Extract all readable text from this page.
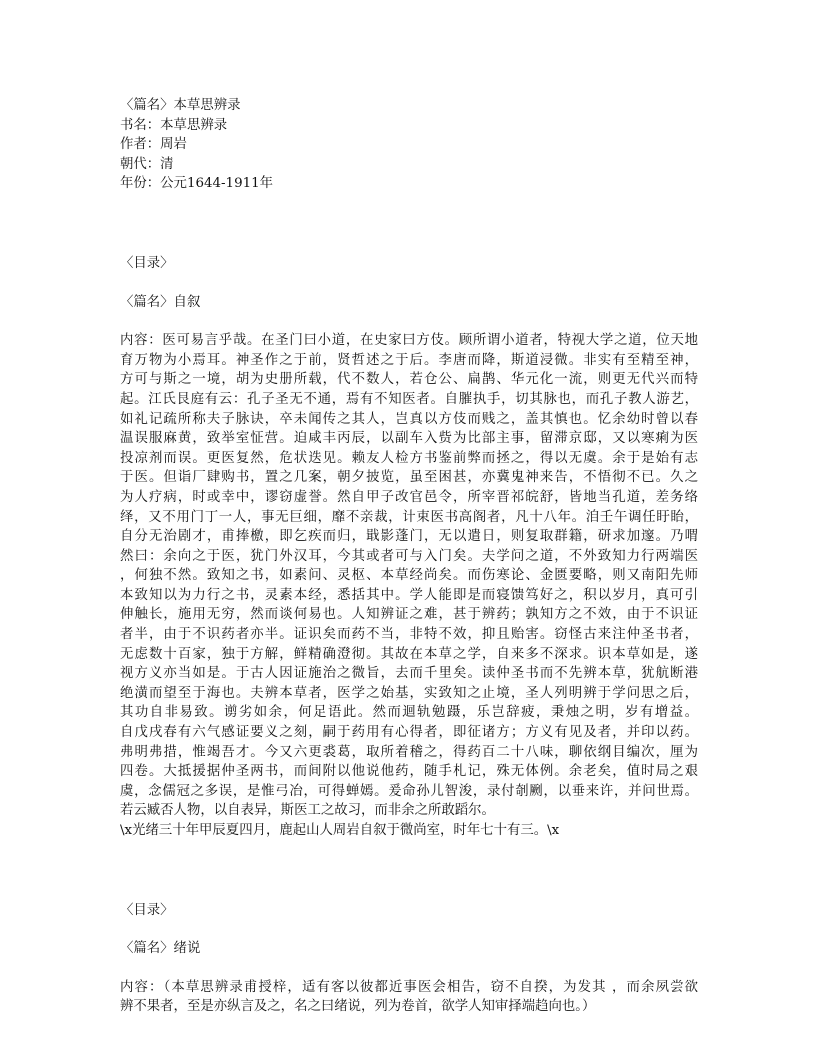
〈篇名〉本草思辨录
书名：本草思辨录
作者：周岩
朝代：清
年份：公元1644-1911年
〈目录〉
〈篇名〉自叙
内容：医可易言乎哉。在圣门曰小道，在史家曰方伎。顾所谓小道者，特视大学之道，位天地
育万物为小焉耳。神圣作之于前，贤哲述之于后。李唐而降，斯道浸微。非实有至精至神，
方可与斯之一境，胡为史册所载，代不数人，若仓公、扁鹊、华元化一流，则更无代兴而特
起。江氏艮庭有云：孔子圣无不通，焉有不知医者。自膗执手，切其脉也，而孔子教人游艺，
如礼记疏所称夫子脉诀，卒未闻传之其人，岂真以方伎而贱之，盖其慎也。忆余幼时曾以春
温误服麻黄，致举室怔营。迫咸丰丙辰，以副车入赀为比部主事，留滞京邸，又以寒痢为医
投凉剂而误。更医复然，危状迭见。赖友人检方书鉴前弊而拯之，得以无虞。余于是始有志
于医。但诣厂肆购书，置之几案，朝夕披览，虽至困甚，亦冀鬼神来告，不悟彻不已。久之
为人疗病，时或幸中，谬窃虚誉。然自甲子改官邑令，所宰晋祁皖舒，皆地当孔道，差务络
绎，又不用门丁一人，事无巨细，靡不亲裁，计束医书高阁者，凡十八年。洎壬午调任盱眙，
自分无治剧才，甫捧檄，即乞疾而归，戢影蓬门，无以遣日，则复取群籍，研求加邃。乃喟
然曰：余向之于医，犹门外汉耳，今其或者可与入门矣。夫学问之道，不外致知力行两端医
，何独不然。致知之书，如素问、灵枢、本草经尚矣。而伤寒论、金匮要略，则又南阳先师
本致知以为力行之书，灵素本经，悉括其中。学人能即是而寝馈笃好之，积以岁月，真可引
伸触长，施用无穷，然而谈何易也。人知辨证之难，甚于辨药；孰知方之不效，由于不识证
者半，由于不识药者亦半。证识矣而药不当，非特不效，抑且贻害。窃怪古来注仲圣书者，
无虑数十百家，独于方解，鲜精确澄彻。其故在本草之学，自来多不深求。识本草如是，遂
视方义亦当如是。于古人因证施治之微旨，去而千里矣。读仲圣书而不先辨本草，犹航断港
绝潢而望至于海也。夫辨本草者，医学之始基，实致知之止境，圣人列明辨于学问思之后，
其功自非易致。谫劣如余，何足语此。然而迴轨勉蹑，乐岂辞疲，秉烛之明，岁有增益。
自戊戌春有六气感证要义之刻，嗣于药用有心得者，即征诸方；方义有见及者，并印以药。
弗明弗措，惟竭吾才。今又六更裘葛，取所着稽之，得药百二十八味，聊依纲目编次，厘为
四卷。大抵援据仲圣两书，而间附以他说他药，随手札记，殊无体例。余老矣，值时局之艰
虞，念儒冠之多误，是惟弓冶，可得蝉嫣。爰命孙儿智浚，录付剞劂，以垂来许，并问世焉。
若云臧否人物，以自表异，斯医工之故习，而非余之所敢蹈尔。
\x光绪三十年甲辰夏四月，鹿起山人周岩自叙于微尚室，时年七十有三。\x
〈目录〉
〈篇名〉绪说
内容：（本草思辨录甫授梓，适有客以彼都近事医会相告，窃不自揆，为发其 ，而余夙尝欲
辨不果者，至是亦纵言及之，名之曰绪说，列为卷首，欲学人知审择端趋向也。）
